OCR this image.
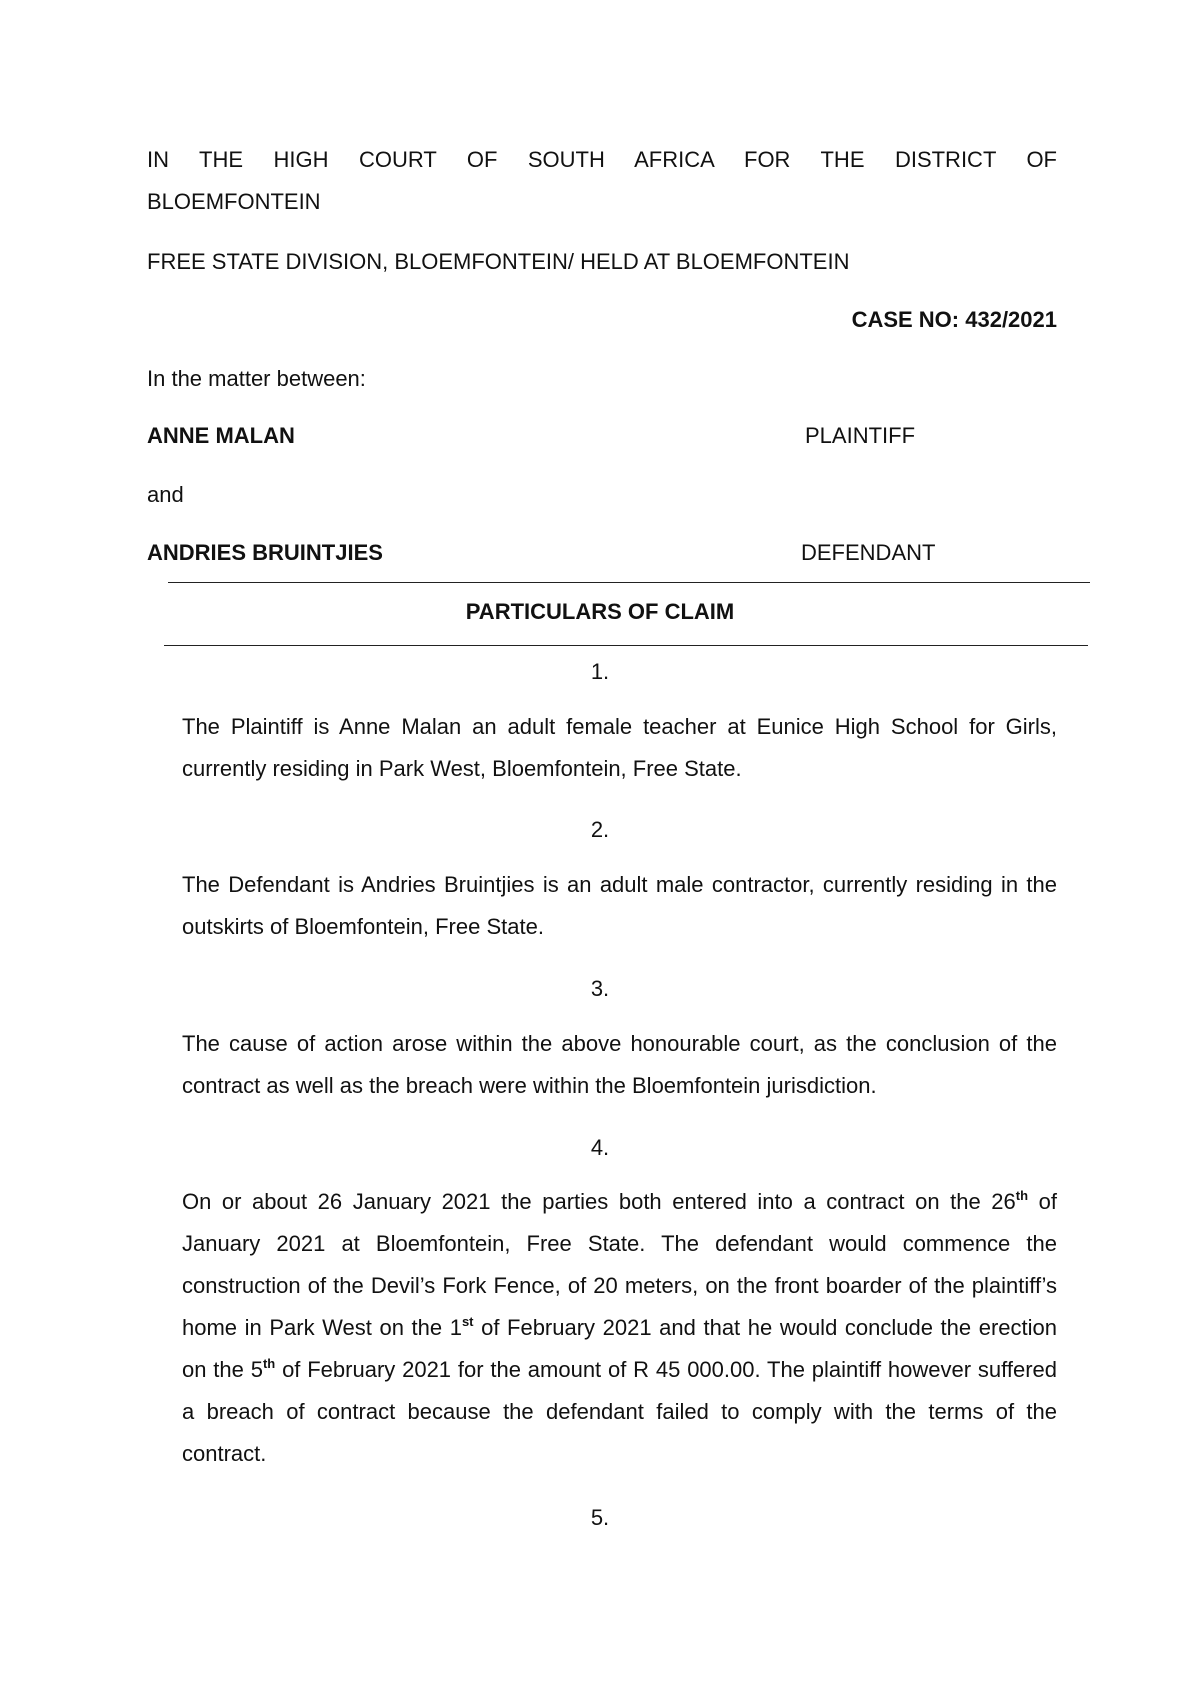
IN THE HIGH COURT OF SOUTH AFRICA FOR THE DISTRICT OF
BLOEMFONTEIN
FREE STATE DIVISION, BLOEMFONTEIN/ HELD AT BLOEMFONTEIN
CASE NO: 432/2021
In the matter between:
ANNE MALAN	PLAINTIFF
and
ANDRIES BRUINTJIES	DEFENDANT
PARTICULARS OF CLAIM
1.
The Plaintiff is Anne Malan an adult female teacher at Eunice High School for Girls, currently residing in Park West, Bloemfontein, Free State.
2.
The Defendant is Andries Bruintjies is an adult male contractor, currently residing in the outskirts of Bloemfontein, Free State.
3.
The cause of action arose within the above honourable court, as the conclusion of the contract as well as the breach were within the Bloemfontein jurisdiction.
4.
On or about 26 January 2021 the parties both entered into a contract on the 26th of January 2021 at Bloemfontein, Free State. The defendant would commence the construction of the Devil’s Fork Fence, of 20 meters, on the front boarder of the plaintiff’s home in Park West on the 1st of February 2021 and that he would conclude the erection on the 5th of February 2021 for the amount of R 45 000.00. The plaintiff however suffered a breach of contract because the defendant failed to comply with the terms of the contract.
5.
